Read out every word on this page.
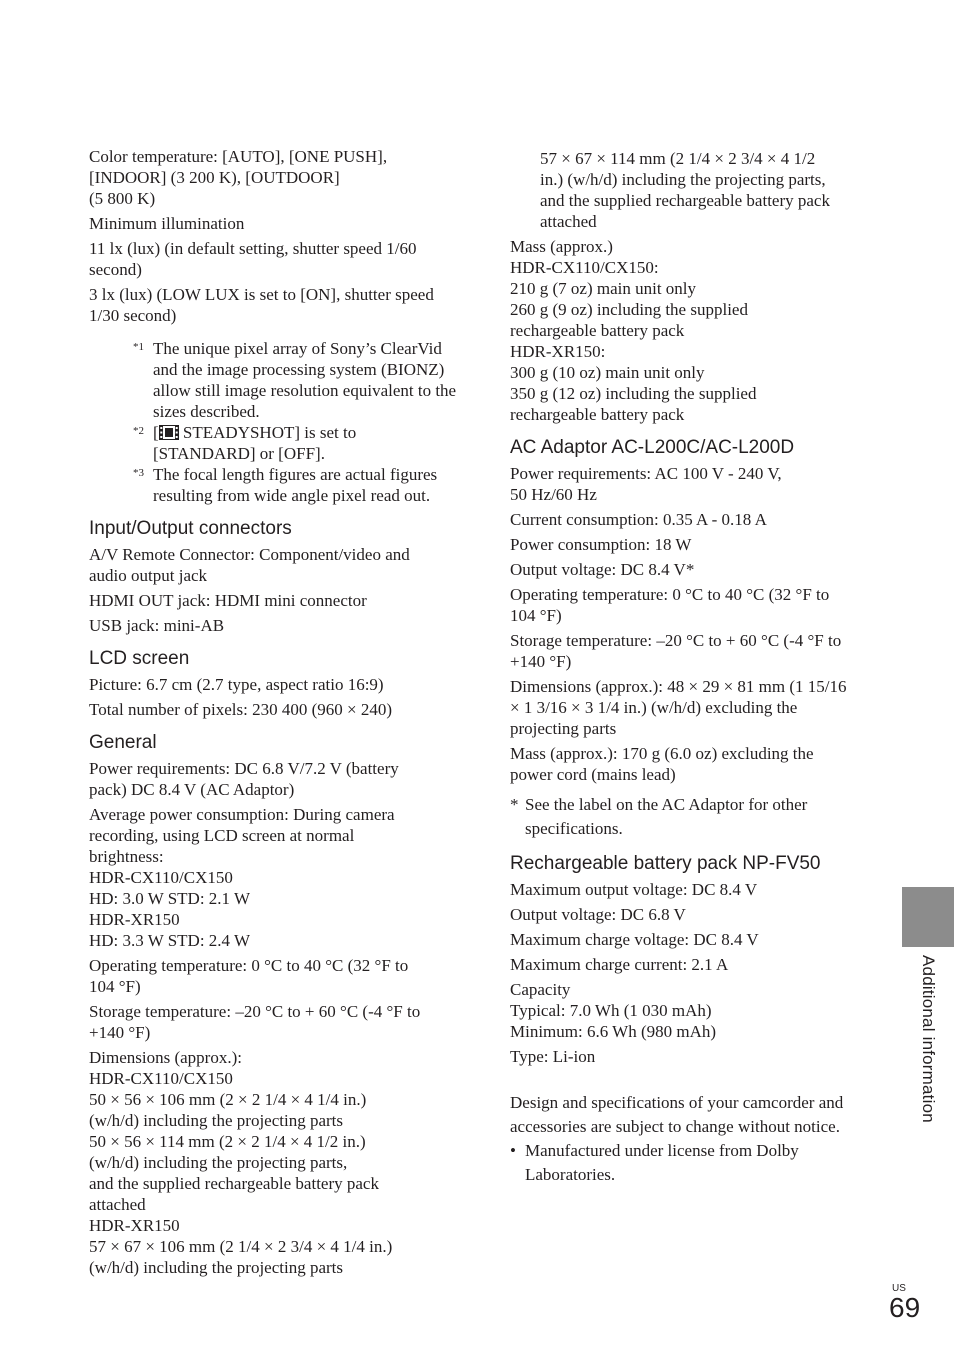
Color temperature: [AUTO], [ONE PUSH],
[INDOOR] (3 200 K), [OUTDOOR]
(5 800 K)
Minimum illumination
11 lx (lux) (in default setting, shutter speed 1/60
second)
3 lx (lux) (LOW LUX is set to [ON], shutter speed
1/30 second)
*1 The unique pixel array of Sony’s ClearVid and the image processing system (BIONZ) allow still image resolution equivalent to the sizes described.
*2 [ STEADYSHOT] is set to [STANDARD] or [OFF].
*3 The focal length figures are actual figures resulting from wide angle pixel read out.
Input/Output connectors
A/V Remote Connector: Component/video and
audio output jack
HDMI OUT jack: HDMI mini connector
USB jack: mini-AB
LCD screen
Picture: 6.7 cm (2.7 type, aspect ratio 16:9)
Total number of pixels: 230 400 (960 × 240)
General
Power requirements: DC 6.8 V/7.2 V (battery
pack) DC 8.4 V (AC Adaptor)
Average power consumption: During camera
recording, using LCD screen at normal
brightness:
HDR-CX110/CX150
HD: 3.0 W STD: 2.1 W
HDR-XR150
HD: 3.3 W STD: 2.4 W
Operating temperature: 0 °C to 40 °C (32 °F to
104 °F)
Storage temperature: –20 °C to + 60 °C (-4 °F to
+140 °F)
Dimensions (approx.):
HDR-CX110/CX150
50 × 56 × 106 mm (2 × 2 1/4 × 4 1/4 in.)
(w/h/d) including the projecting parts
50 × 56 × 114 mm (2 × 2 1/4 × 4 1/2 in.)
(w/h/d) including the projecting parts,
and the supplied rechargeable battery pack
attached
HDR-XR150
57 × 67 × 106 mm (2 1/4 × 2 3/4 × 4 1/4 in.)
(w/h/d) including the projecting parts
57 × 67 × 114 mm (2 1/4 × 2 3/4 × 4 1/2
in.) (w/h/d) including the projecting parts,
and the supplied rechargeable battery pack
attached
Mass (approx.)
HDR-CX110/CX150:
210 g (7 oz) main unit only
260 g (9 oz) including the supplied
rechargeable battery pack
HDR-XR150:
300 g (10 oz) main unit only
350 g (12 oz) including the supplied
rechargeable battery pack
AC Adaptor AC-L200C/AC-L200D
Power requirements: AC 100 V - 240 V,
50 Hz/60 Hz
Current consumption: 0.35 A - 0.18 A
Power consumption: 18 W
Output voltage: DC 8.4 V*
Operating temperature: 0 °C to 40 °C (32 °F to
104 °F)
Storage temperature: –20 °C to + 60 °C (-4 °F to
+140 °F)
Dimensions (approx.): 48 × 29 × 81 mm (1 15/16
× 1 3/16 × 3 1/4 in.) (w/h/d) excluding the
projecting parts
Mass (approx.): 170 g (6.0 oz) excluding the
power cord (mains lead)
* See the label on the AC Adaptor for other specifications.
Rechargeable battery pack NP-FV50
Maximum output voltage: DC 8.4 V
Output voltage: DC 6.8 V
Maximum charge voltage: DC 8.4 V
Maximum charge current: 2.1 A
Capacity
Typical: 7.0 Wh (1 030 mAh)
Minimum: 6.6 Wh (980 mAh)
Type: Li-ion
Design and specifications of your camcorder and accessories are subject to change without notice.
• Manufactured under license from Dolby Laboratories.
Additional information
US
69
